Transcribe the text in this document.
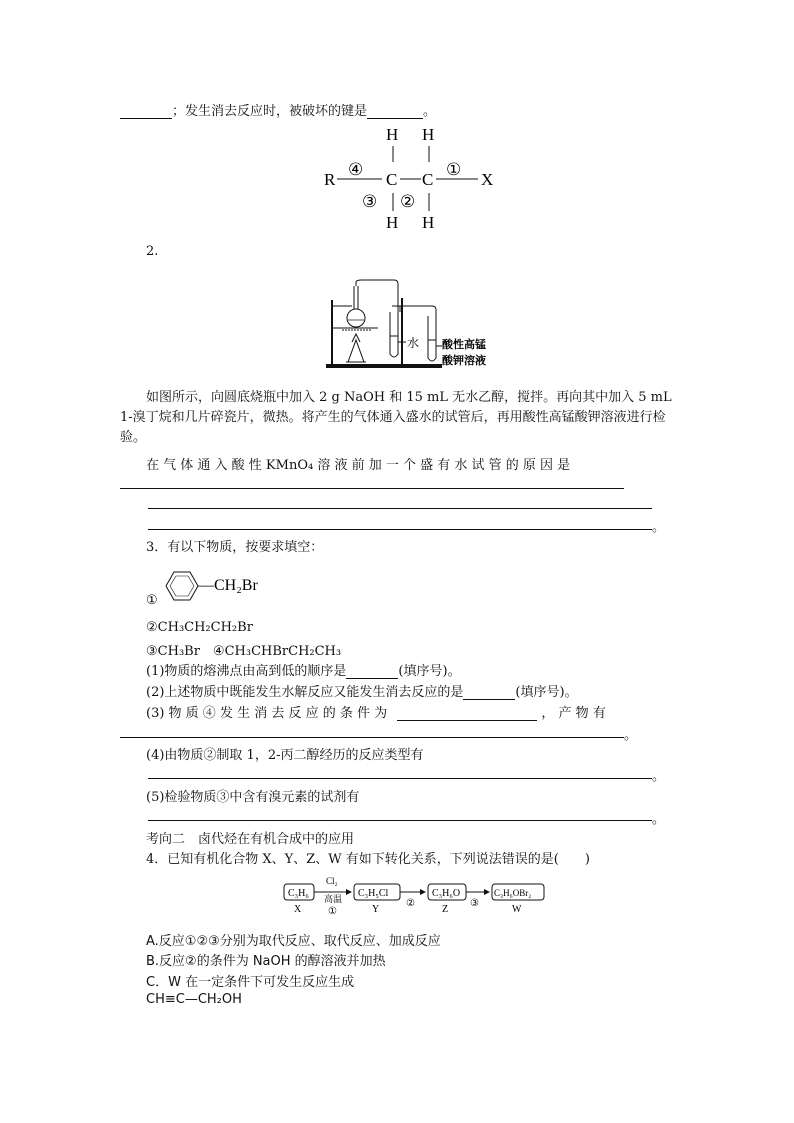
；发生消去反应时，被破坏的键是	。
H H
R
④
C C
①
X
③ ②
H H
2.
水 酸性高锰
酸钾溶液
如图所示，向圆底烧瓶中加入 2 g NaOH 和 15 mL 无水乙醇，搅拌。再向其中加入 5 mL 1-溴丁烷和几片碎瓷片，微热。将产生的气体通入盛水的试管后，再用酸性高锰酸钾溶液进行检验。
在 气 体 通 入 酸 性 KMnO₄ 溶 液 前 加 一 个 盛 有 水 试 管 的 原 因 是
。
3．有以下物质，按要求填空：
①
—CH₂Br
②CH₃CH₂CH₂Br
③CH₃Br　④CH₃CHBrCH₂CH₃
(1)物质的熔沸点由高到低的顺序是	(填序号)。
(2)上述物质中既能发生水解反应又能发生消去反应的是	(填序号)。
(3) 物 质 ④ 发 生 消 去 反 应 的 条 件 为	， 产 物 有
。
(4)由物质②制取 1，2-丙二醇经历的反应类型有
。
(5)检验物质③中含有溴元素的试剂有
。
考向二　卤代烃在有机合成中的应用
4．已知有机化合物 X、Y、Z、W 有如下转化关系，下列说法错误的是(　　)
C₃H₆
X
Cl₂
高温
①
C₃H₅Cl
Y
②
C₃H₆O
Z
③
C₃H₆OBr₂
W
A.反应①②③分别为取代反应、取代反应、加成反应
B.反应②的条件为 NaOH 的醇溶液并加热
C．W 在一定条件下可发生反应生成
CH≡C—CH₂OH
